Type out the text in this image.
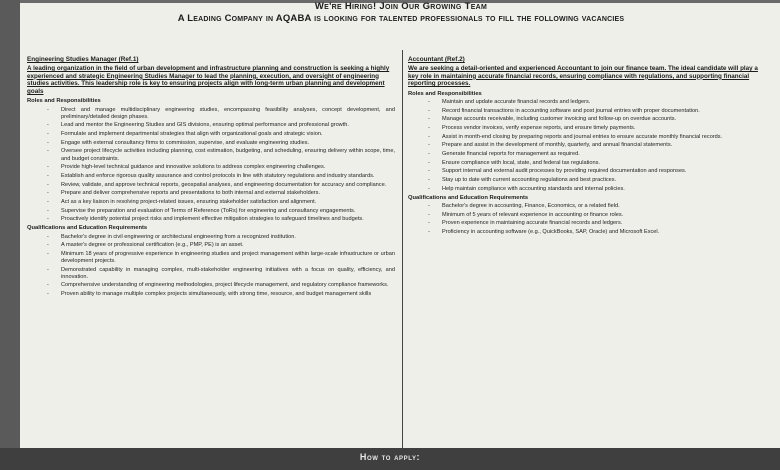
We're Hiring! Join Our Growing Team
A Leading Company in AQABA is looking for talented professionals to fill the following vacancies
Engineering Studies Manager (Ref.1)

A leading organization in the field of urban development and infrastructure planning and construction is seeking a highly experienced and strategic Engineering Studies Manager to lead the planning, execution, and oversight of engineering studies activities. This leadership role is key to ensuring projects align with long-term urban planning and development goals

Roles and Responsibilities
- Direct and manage multidisciplinary engineering studies, encompassing feasibility analyses, concept development, and preliminary/detailed design phases.
- Lead and mentor the Engineering Studies and GIS divisions, ensuring optimal performance and professional growth.
- Formulate and implement departmental strategies that align with organizational goals and strategic vision.
- Engage with external consultancy firms to commission, supervise, and evaluate engineering studies.
- Oversee project lifecycle activities including planning, cost estimation, budgeting, and scheduling, ensuring delivery within scope, time, and budget constraints.
- Provide high-level technical guidance and innovative solutions to address complex engineering challenges.
- Establish and enforce rigorous quality assurance and control protocols in line with statutory regulations and industry standards.
- Review, validate, and approve technical reports, geospatial analyses, and engineering documentation for accuracy and compliance.
- Prepare and deliver comprehensive reports and presentations to both internal and external stakeholders.
- Act as a key liaison in resolving project-related issues, ensuring stakeholder satisfaction and alignment.
- Supervise the preparation and evaluation of Terms of Reference (ToRs) for engineering and consultancy engagements.
- Proactively identify potential project risks and implement effective mitigation strategies to safeguard timelines and budgets.
Qualifications and Education Requirements
- Bachelor's degree in civil engineering or architectural engineering from a recognized institution.
- A master's degree or professional certification (e.g., PMP, PE) is an asset.
- Minimum 18 years of progressive experience in engineering studies and project management within large-scale infrastructure or urban development projects.
- Demonstrated capability in managing complex, multi-stakeholder engineering initiatives with a focus on quality, efficiency, and innovation.
- Comprehensive understanding of engineering methodologies, project lifecycle management, and regulatory compliance frameworks.
- Proven ability to manage multiple complex projects simultaneously, with strong time, resource, and budget management skills
Accountant (Ref.2)

We are seeking a detail-oriented and experienced Accountant to join our finance team. The ideal candidate will play a key role in maintaining accurate financial records, ensuring compliance with regulations, and supporting financial reporting processes.

Roles and Responsibilities
- Maintain and update accurate financial records and ledgers.
- Record financial transactions in accounting software and post journal entries with proper documentation.
- Manage accounts receivable, including customer invoicing and follow-up on overdue accounts.
- Process vendor invoices, verify expense reports, and ensure timely payments.
- Assist in month-end closing by preparing reports and journal entries to ensure accurate monthly financial records.
- Prepare and assist in the development of monthly, quarterly, and annual financial statements.
- Generate financial reports for management as required.
- Ensure compliance with local, state, and federal tax regulations.
- Support internal and external audit processes by providing required documentation and responses.
- Stay up to date with current accounting regulations and best practices.
- Help maintain compliance with accounting standards and internal policies.
Qualifications and Education Requirements
- Bachelor's degree in accounting, Finance, Economics, or a related field.
- Minimum of 5 years of relevant experience in accounting or finance roles.
- Proven experience in maintaining accurate financial records and ledgers.
- Proficiency in accounting software (e.g., QuickBooks, SAP, Oracle) and Microsoft Excel.
How to apply:
